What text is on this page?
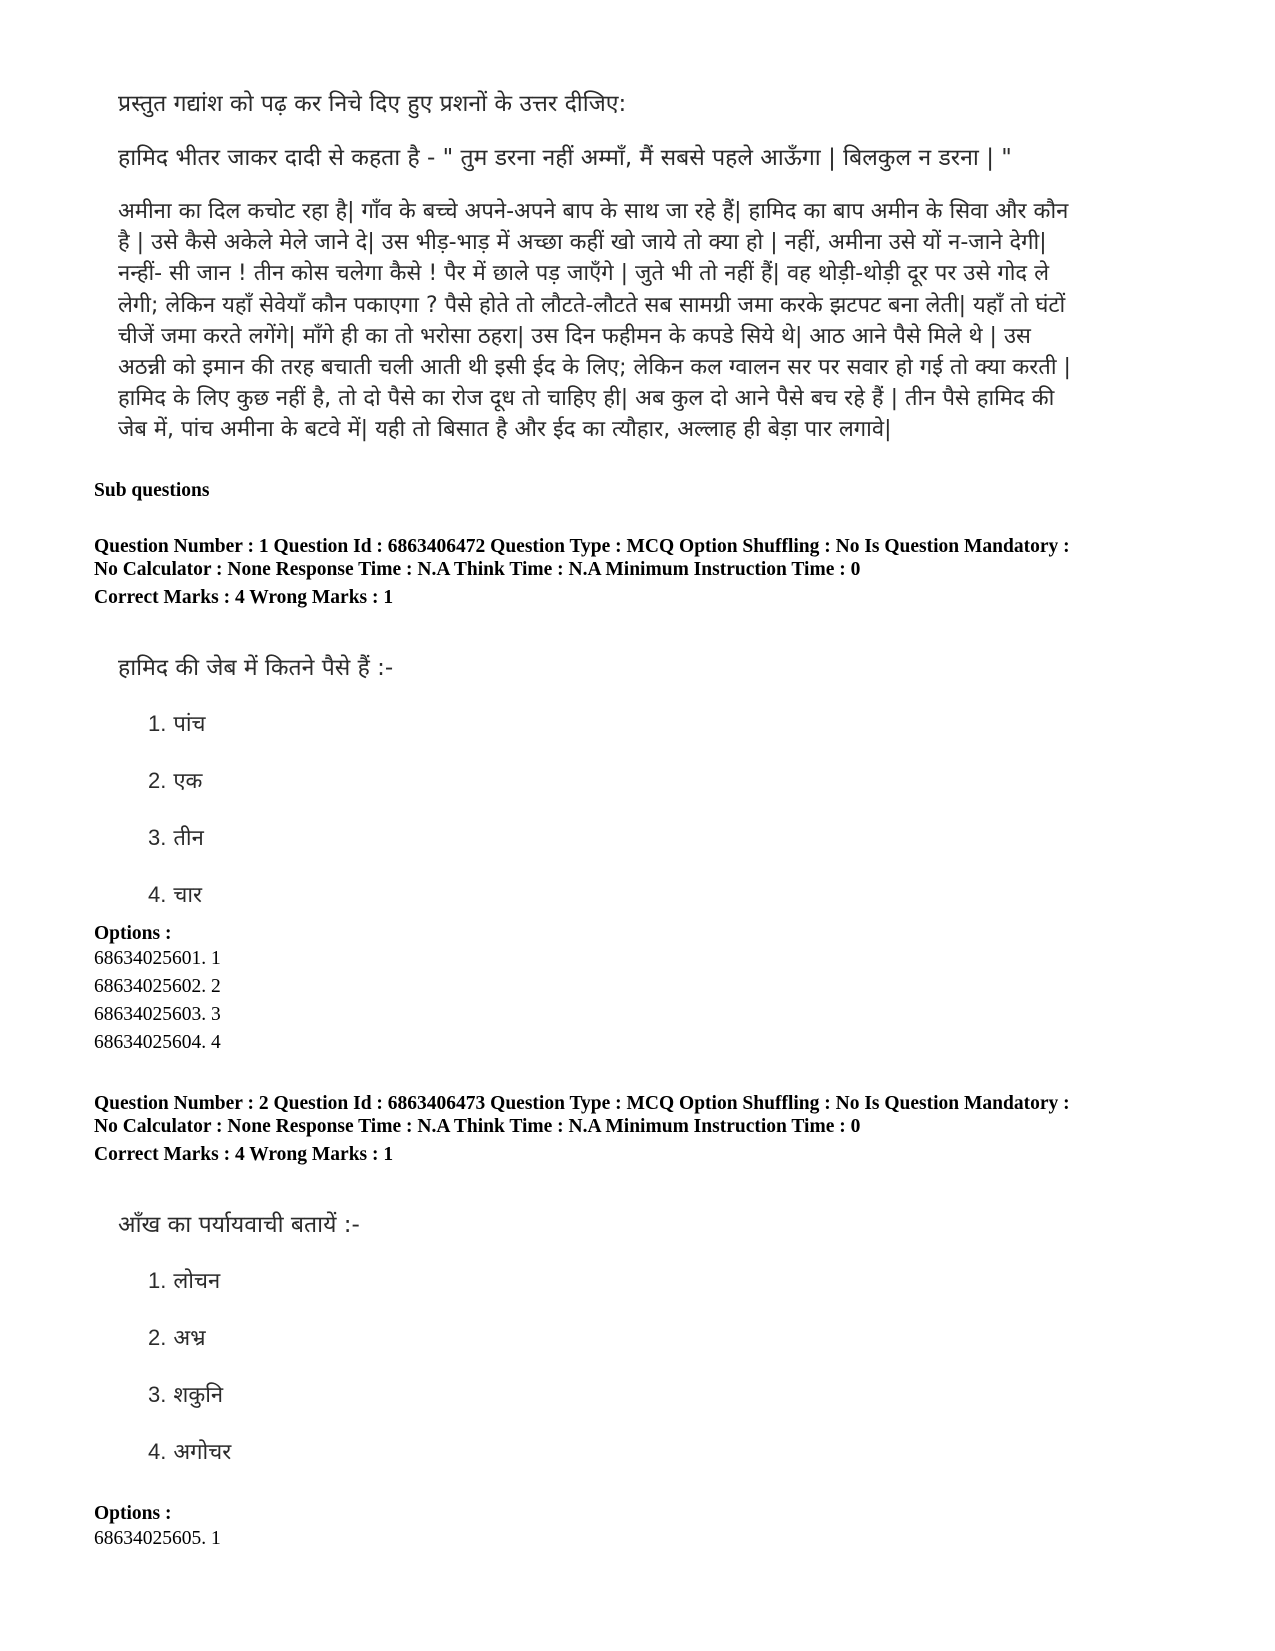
प्रस्तुत गद्यांश को पढ़ कर निचे दिए हुए प्रशनों के उत्तर दीजिए:
हामिद भीतर जाकर दादी से कहता है - " तुम डरना नहीं अम्माँ, मैं सबसे पहले आऊँगा | बिलकुल न डरना | "
अमीना का दिल कचोट रहा है| गाँव के बच्चे अपने-अपने बाप के साथ जा रहे हैं| हामिद का बाप अमीन के सिवा और कौन
है | उसे कैसे अकेले मेले जाने दे| उस भीड़-भाड़ में अच्छा कहीं खो जाये तो क्या हो | नहीं, अमीना उसे यों न-जाने देगी|
नन्हीं- सी जान ! तीन कोस चलेगा कैसे ! पैर में छाले पड़ जाएँगे | जुते भी तो नहीं हैं| वह थोड़ी-थोड़ी दूर पर उसे गोद ले
लेगी; लेकिन यहाँ सेवेयाँ कौन पकाएगा ? पैसे होते तो लौटते-लौटते सब सामग्री जमा करके झटपट बना लेती| यहाँ तो घंटों
चीजें जमा करते लगेंगे| माँगे ही का तो भरोसा ठहरा| उस दिन फहीमन के कपडे सिये थे| आठ आने पैसे मिले थे | उस
अठन्नी को इमान की तरह बचाती चली आती थी इसी ईद के लिए; लेकिन कल ग्वालन सर पर सवार हो गई तो क्या करती |
हामिद के लिए कुछ नहीं है, तो दो पैसे का रोज दूध तो चाहिए ही| अब कुल दो आने पैसे बच रहे हैं | तीन पैसे हामिद की
जेब में, पांच अमीना के बटवे में| यही तो बिसात है और ईद का त्यौहार, अल्लाह ही बेड़ा पार लगावे|
Sub questions
Question Number : 1 Question Id : 6863406472 Question Type : MCQ Option Shuffling : No Is Question Mandatory :
No Calculator : None Response Time : N.A Think Time : N.A Minimum Instruction Time : 0
Correct Marks : 4 Wrong Marks : 1
हामिद की जेब में कितने पैसे हैं :-
1. पांच
2. एक
3. तीन
4. चार
Options :
68634025601. 1
68634025602. 2
68634025603. 3
68634025604. 4
Question Number : 2 Question Id : 6863406473 Question Type : MCQ Option Shuffling : No Is Question Mandatory :
No Calculator : None Response Time : N.A Think Time : N.A Minimum Instruction Time : 0
Correct Marks : 4 Wrong Marks : 1
आँख का पर्यायवाची बतायें :-
1. लोचन
2. अभ्र
3. शकुनि
4. अगोचर
Options :
68634025605. 1
